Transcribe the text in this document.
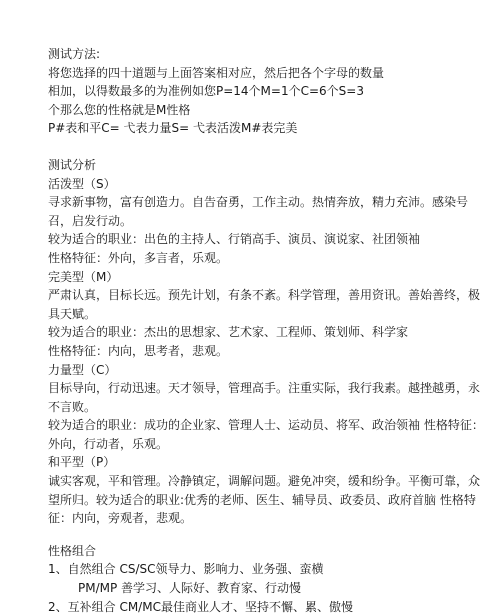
测试方法:
将您选择的四十道题与上面答案相对应，然后把各个字母的数量
相加，以得数最多的为准例如您P=14个M=1个C=6个S=3
个那么您的性格就是M性格
P#表和平C= 弋表力量S= 弋表活泼M#表完美
测试分析
活泼型（S）
寻求新事物，富有创造力。自告奋勇，工作主动。热情奔放，精力充沛。感染号召，启发行动。
较为适合的职业：出色的主持人、行销高手、演员、演说家、社团领袖
性格特征：外向，多言者，乐观。
完美型（M）
严肃认真，目标长远。预先计划，有条不紊。科学管理，善用资讯。善始善终，极具天赋。
较为适合的职业：杰出的思想家、艺术家、工程师、策划师、科学家
性格特征：内向，思考者，悲观。
力量型（C）
目标导向，行动迅速。天才领导，管理高手。注重实际，我行我素。越挫越勇，永不言败。
较为适合的职业：成功的企业家、管理人士、运动员、将军、政治领袖 性格特征：外向，行动者，乐观。
和平型（P）
诚实客观，平和管理。冷静镇定，调解问题。避免冲突，缓和纷争。平衡可靠，众望所归。较为适合的职业:优秀的老师、医生、辅导员、政委员、政府首脑 性格特征：内向，旁观者，悲观。
性格组合
1、自然组合 CS/SC领导力、影响力、业务强、蛮横
PM/MP 善学习、人际好、教育家、行动慢
2、互补组合 CM/MC最佳商业人才、坚持不懈、累、傲慢
